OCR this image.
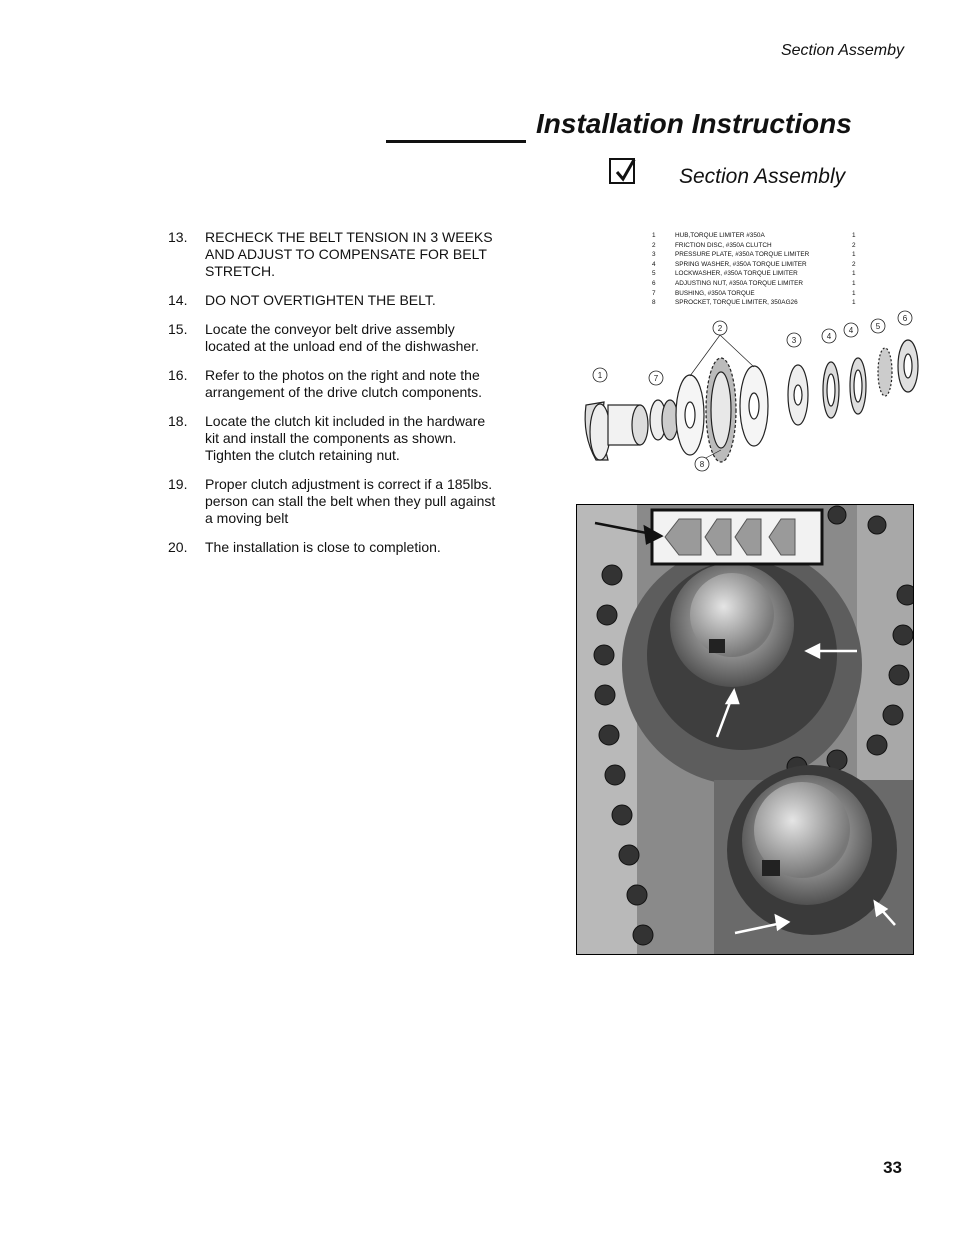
Section Assemby
Installation Instructions
Section Assembly
13.	RECHECK THE BELT TENSION IN 3 WEEKS AND ADJUST TO COMPENSATE FOR BELT STRETCH.
14.	DO NOT OVERTIGHTEN THE BELT.
15.	Locate the conveyor belt drive assembly located at the unload end of the dishwasher.
16.	Refer to the photos on the right and note the arrangement of the drive clutch components.
18.	Locate the clutch kit included in the hardware kit and install the components as shown. Tighten the clutch retaining nut.
19.	Proper clutch adjustment is correct if a 185lbs. person can stall the belt when they pull against a moving belt
20.	The installation is close to completion.
1	HUB,TORQUE LIMITER #350A	1
2	FRICTION DISC, #350A CLUTCH	2
3	PRESSURE PLATE, #350A TORQUE LIMITER	1
4	SPRING WASHER, #350A TORQUE LIMITER	2
5	LOCKWASHER, #350A TORQUE LIMITER	1
6	ADJUSTING NUT, #350A TORQUE LIMITER	1
7	BUSHING, #350A TORQUE	1
8	SPROCKET, TORQUE LIMITER, 350AG26	1
1
2
3	4
4	5
6
7
8
33
